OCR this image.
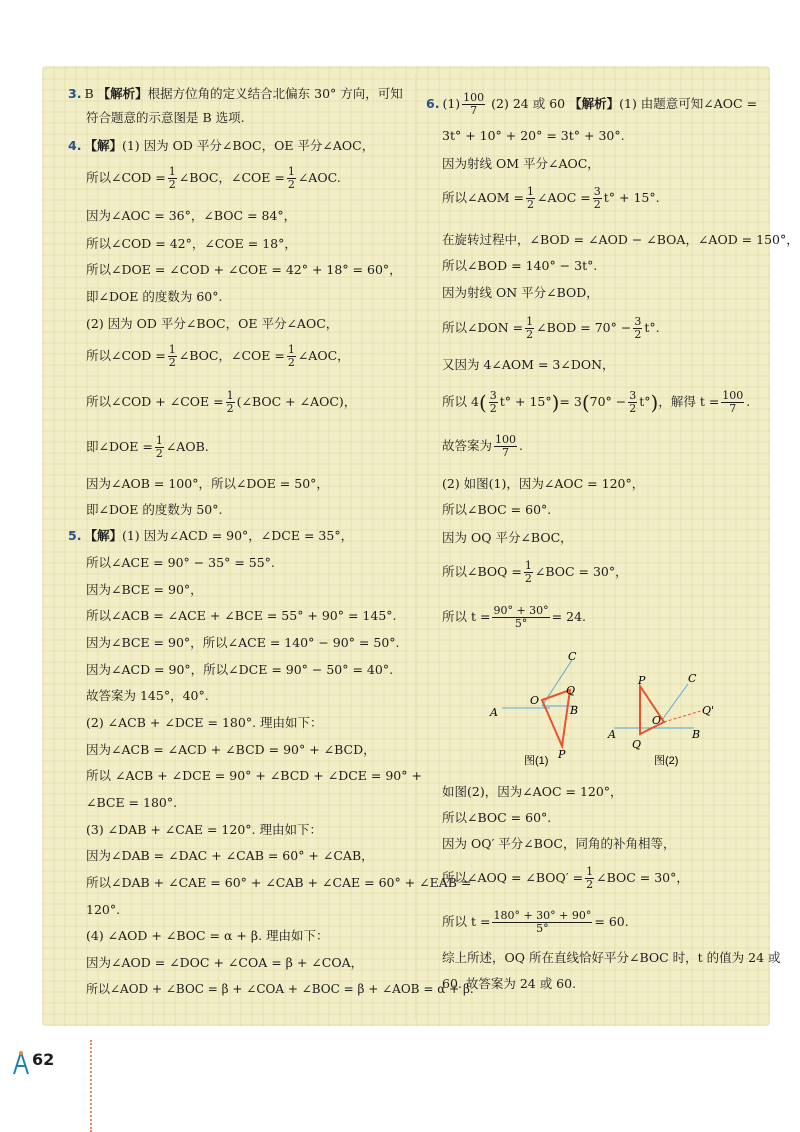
3. B 【解析】根据方位角的定义结合北偏东 30° 方向，可知
符合题意的示意图是 B 选项.
4. 【解】(1) 因为 OD 平分∠BOC，OE 平分∠AOC，
所以∠COD = $\frac{1}{2}$ ∠BOC，∠COE = $\frac{1}{2}$ ∠AOC.
因为∠AOC = 36°，∠BOC = 84°，
所以∠COD = 42°，∠COE = 18°，
所以∠DOE = ∠COD + ∠COE = 42° + 18° = 60°，
即∠DOE 的度数为 60°.
(2) 因为 OD 平分∠BOC，OE 平分∠AOC，
所以∠COD = $\frac{1}{2}$ ∠BOC，∠COE = $\frac{1}{2}$ ∠AOC，
所以∠COD + ∠COE = $\frac{1}{2}$ (∠BOC + ∠AOC)，
即∠DOE = $\frac{1}{2}$ ∠AOB.
因为∠AOB = 100°，所以∠DOE = 50°，
即∠DOE 的度数为 50°.
5. 【解】(1) 因为∠ACD = 90°，∠DCE = 35°，
所以∠ACE = 90° − 35° = 55°.
因为∠BCE = 90°，
所以∠ACB = ∠ACE + ∠BCE = 55° + 90° = 145°.
因为∠BCE = 90°，所以∠ACE = 140° − 90° = 50°.
因为∠ACD = 90°，所以∠DCE = 90° − 50° = 40°.
故答案为 145°，40°.
(2) ∠ACB + ∠DCE = 180°. 理由如下：
因为∠ACB = ∠ACD + ∠BCD = 90° + ∠BCD，
所以 ∠ACB + ∠DCE = 90° + ∠BCD + ∠DCE = 90° +
∠BCE = 180°.
(3) ∠DAB + ∠CAE = 120°. 理由如下：
因为∠DAB = ∠DAC + ∠CAB = 60° + ∠CAB，
所以∠DAB + ∠CAE = 60° + ∠CAB + ∠CAE = 60° + ∠EAB =
120°.
(4) ∠AOD + ∠BOC = α + β. 理由如下：
因为∠AOD = ∠DOC + ∠COA = β + ∠COA，
所以∠AOD + ∠BOC = β + ∠COA + ∠BOC = β + ∠AOB = α + β.
6. $(1) \frac{100}{7} (2)$ 24 或 60 【解析】(1) 由题意可知∠AOC =
3t° + 10° + 20° = 3t° + 30°.
因为射线 OM 平分∠AOC，
所以∠AOM = $\frac{1}{2}$ ∠AOC = $\frac{3}{2} t^\circ + 15^\circ$.
在旋转过程中，∠BOD = ∠AOD − ∠BOA，∠AOD = 150°，
所以∠BOD = 140° − 3t°.
因为射线 ON 平分∠BOD，
所以∠DON = $\frac{1}{2}$ ∠BOD = $70^\circ - \frac{3}{2} t^\circ$.
又因为 4∠AOM = 3∠DON，
所以 $4( \frac{3}{2} t^\circ + 15^\circ)= 3(70^\circ - \frac{3}{2} t^\circ)$，解得 $t = \frac{100}{7}$ .
故答案为 $\frac{100}{7}$ .
(2) 如图(1)，因为∠AOC = 120°，
所以∠BOC = 60°.
因为 OQ 平分∠BOC，
所以∠BOQ = $\frac{1}{2}$ ∠BOC = 30°，
所以 $t = \frac{90^\circ + 30^\circ}{5^\circ} = 24$.
A
O
C
Q
B
P
图(1)
A
O
C
P
Q
B
Q'
图(2)
如图(2)，因为∠AOC = 120°，
所以∠BOC = 60°.
因为 OQ′ 平分∠BOC，同角的补角相等，
所以∠AOQ = ∠BOQ′ = $\frac{1}{2}$ ∠BOC = 30°，
所以 $t = \frac{180^\circ + 30^\circ + 90^\circ}{5^\circ} = 60$.
综上所述，OQ 所在直线恰好平分∠BOC 时，t 的值为 24 或
60. 故答案为 24 或 60.
62
